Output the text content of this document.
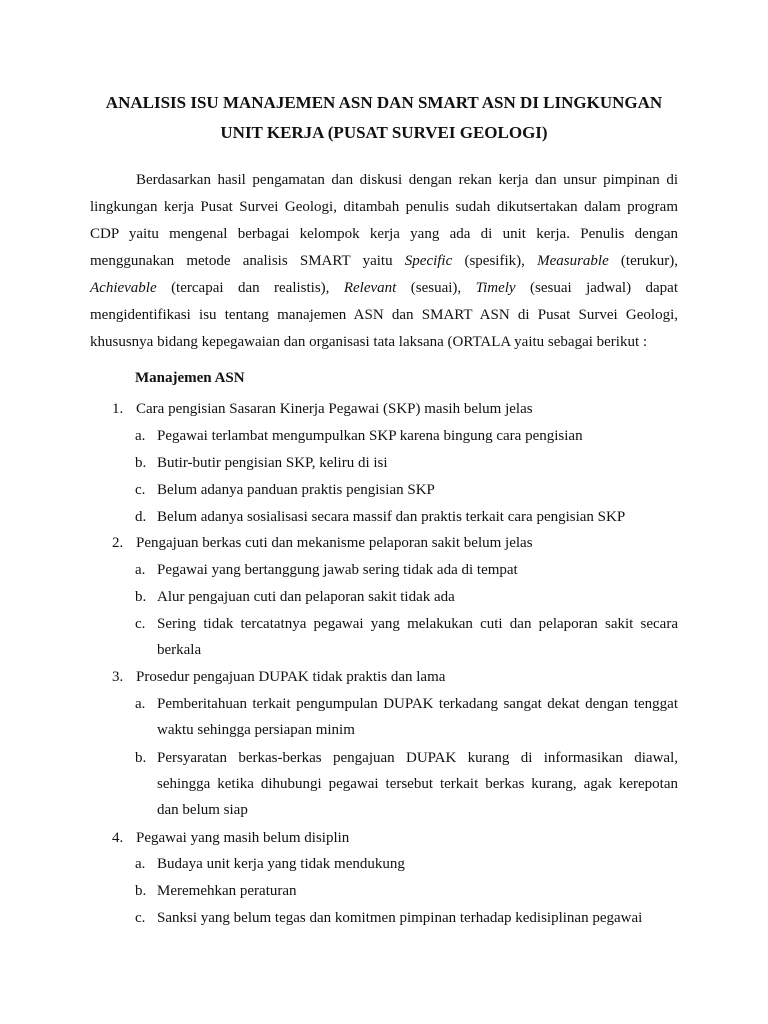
ANALISIS ISU MANAJEMEN ASN DAN SMART ASN DI LINGKUNGAN
UNIT KERJA (PUSAT SURVEI GEOLOGI)
Berdasarkan hasil pengamatan dan diskusi dengan rekan kerja dan unsur pimpinan di
lingkungan kerja Pusat Survei Geologi, ditambah penulis sudah dikutsertakan dalam program
CDP yaitu mengenal berbagai kelompok kerja yang ada di unit kerja. Penulis dengan
menggunakan metode analisis SMART yaitu Specific (spesifik), Measurable (terukur),
Achievable (tercapai dan realistis), Relevant (sesuai), Timely (sesuai jadwal) dapat
mengidentifikasi isu tentang manajemen ASN dan SMART ASN di Pusat Survei Geologi,
khususnya bidang kepegawaian dan organisasi tata laksana (ORTALA yaitu sebagai berikut :
Manajemen ASN
1. Cara pengisian Sasaran Kinerja Pegawai (SKP) masih belum jelas
a. Pegawai terlambat mengumpulkan SKP karena bingung cara pengisian
b. Butir-butir pengisian SKP, keliru di isi
c. Belum adanya panduan praktis pengisian SKP
d. Belum adanya sosialisasi secara massif dan praktis terkait cara pengisian SKP
2. Pengajuan berkas cuti dan mekanisme pelaporan sakit belum jelas
a. Pegawai yang bertanggung jawab sering tidak ada di tempat
b. Alur pengajuan cuti dan pelaporan sakit tidak ada
c. Sering tidak tercatatnya pegawai yang melakukan cuti dan pelaporan sakit secara
berkala
3. Prosedur pengajuan DUPAK tidak praktis dan lama
a. Pemberitahuan terkait pengumpulan DUPAK terkadang sangat dekat dengan tenggat
waktu sehingga persiapan minim
b. Persyaratan berkas-berkas pengajuan DUPAK kurang di informasikan diawal,
sehingga ketika dihubungi pegawai tersebut terkait berkas kurang, agak kerepotan
dan belum siap
4. Pegawai yang masih belum disiplin
a. Budaya unit kerja yang tidak mendukung
b. Meremehkan peraturan
c. Sanksi yang belum tegas dan komitmen pimpinan terhadap kedisiplinan pegawai
